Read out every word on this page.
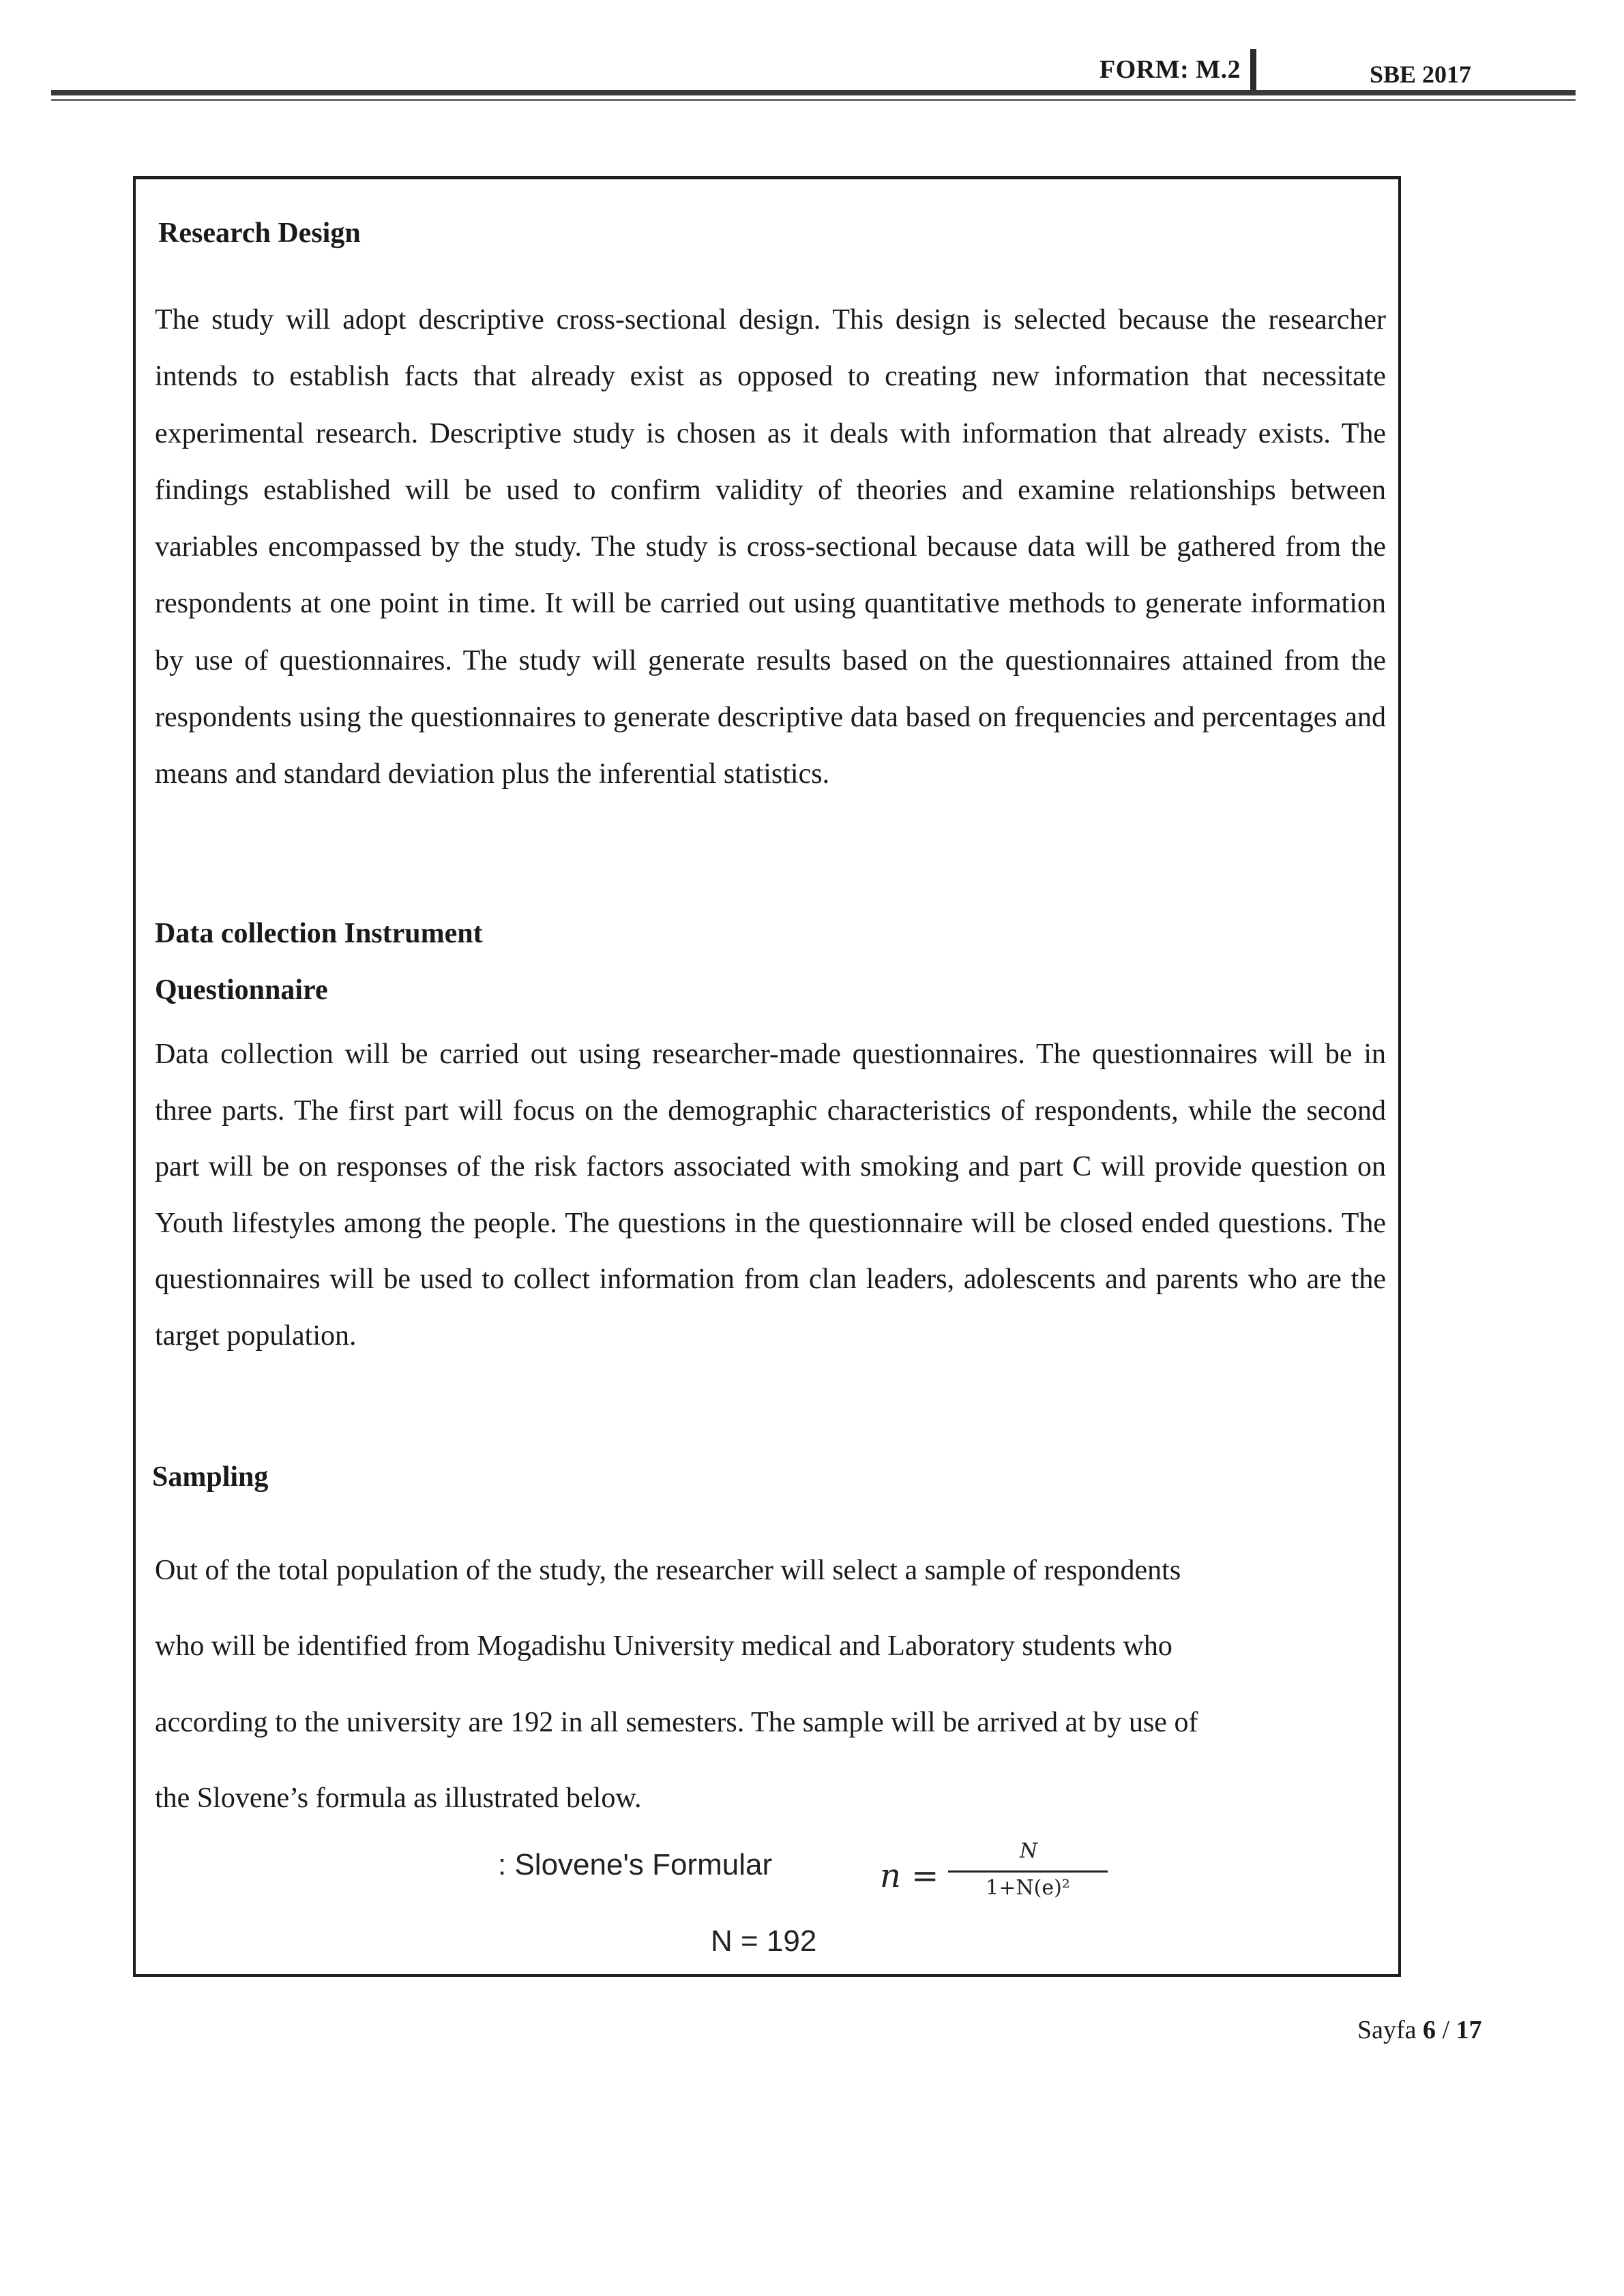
FORM: M.2	SBE 2017
Research Design

The study will adopt descriptive cross-sectional design. This design is selected because the researcher intends to establish facts that already exist as opposed to creating new information that necessitate experimental research. Descriptive study is chosen as it deals with information that already exists. The findings established will be used to confirm validity of theories and examine relationships between variables encompassed by the study. The study is cross-sectional because data will be gathered from the respondents at one point in time. It will be carried out using quantitative methods to generate information by use of questionnaires. The study will generate results based on the questionnaires attained from the respondents using the questionnaires to generate descriptive data based on frequencies and percentages and means and standard deviation plus the inferential statistics.

Data collection Instrument
Questionnaire

Data collection will be carried out using researcher-made questionnaires. The questionnaires will be in three parts. The first part will focus on the demographic characteristics of respondents, while the second part will be on responses of the risk factors associated with smoking and part C will provide question on Youth lifestyles among the people. The questions in the questionnaire will be closed ended questions. The questionnaires will be used to collect information from clan leaders, adolescents and parents who are the target population.

Sampling
Out of the total population of the study, the researcher will select a sample of respondents
who will be identified from Mogadishu University medical and Laboratory students who
according to the university are 192 in all semesters. The sample will be arrived at by use of
the Slovene’s formula as illustrated below.
: Slovene's Formular	n =
N
1+N(e)²
N = 192
Sayfa 6 / 17
